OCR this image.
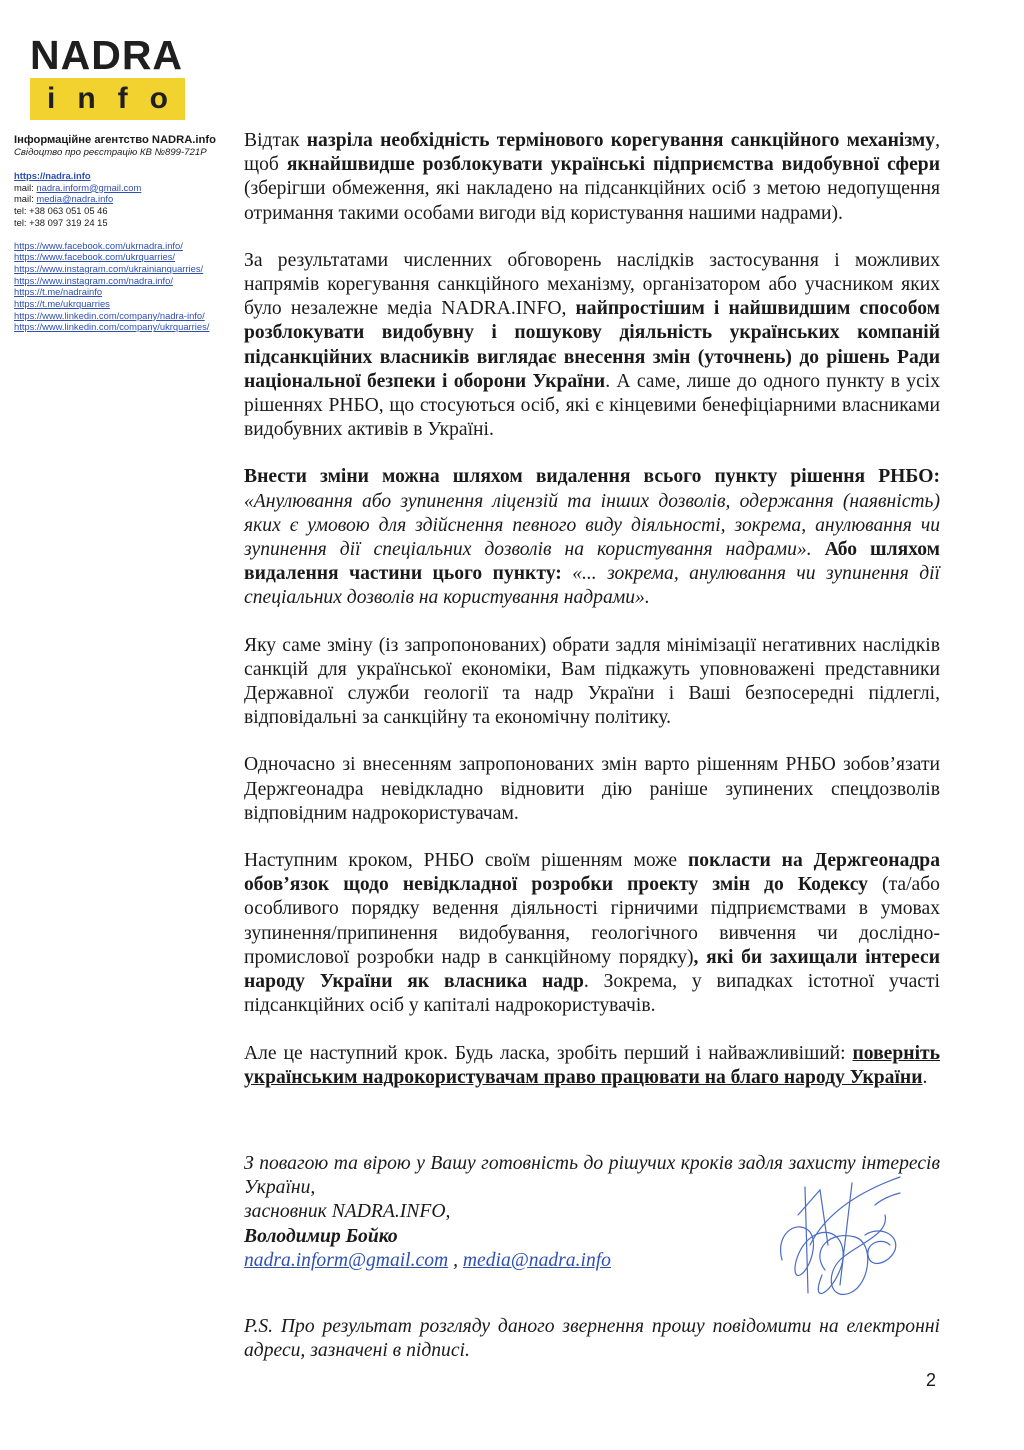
NADRA
i n f o
Інформаційне агентство NADRA.info
Свідоцтво про реєстрацію КВ №899-721Р
https://nadra.info
mail: nadra.inform@gmail.com
mail: media@nadra.info
tel: +38 063 051 05 46
tel: +38 097 319 24 15
https://www.facebook.com/ukrnadra.info/
https://www.facebook.com/ukrquarries/
https://www.instagram.com/ukrainianquarries/
https://www.instagram.com/nadra.info/
https://t.me/nadrainfo
https://t.me/ukrquarries
https://www.linkedin.com/company/nadra-info/
https://www.linkedin.com/company/ukrquarries/

Відтак назріла необхідність термінового корегування санкційного механізму, щоб якнайшвидше розблокувати українські підприємства видобувної сфери (зберігши обмеження, які накладено на підсанкційних осіб з метою недопущення отримання такими особами вигоди від користування нашими надрами).

За результатами численних обговорень наслідків застосування і можливих напрямів корегування санкційного механізму, організатором або учасником яких було незалежне медіа NADRA.INFO, найпростішим і найшвидшим способом розблокувати видобувну і пошукову діяльність українських компаній підсанкційних власників виглядає внесення змін (уточнень) до рішень Ради національної безпеки і оборони України. А саме, лише до одного пункту в усіх рішеннях РНБО, що стосуються осіб, які є кінцевими бенефіціарними власниками видобувних активів в Україні.

Внести зміни можна шляхом видалення всього пункту рішення РНБО: «Анулювання або зупинення ліцензій та інших дозволів, одержання (наявність) яких є умовою для здійснення певного виду діяльності, зокрема, анулювання чи зупинення дії спеціальних дозволів на користування надрами». Або шляхом видалення частини цього пункту: «... зокрема, анулювання чи зупинення дії спеціальних дозволів на користування надрами».

Яку саме зміну (із запропонованих) обрати задля мінімізації негативних наслідків санкцій для української економіки, Вам підкажуть уповноважені представники Державної служби геології та надр України і Ваші безпосередні підлеглі, відповідальні за санкційну та економічну політику.

Одночасно зі внесенням запропонованих змін варто рішенням РНБО зобов’язати Держгеонадра невідкладно відновити дію раніше зупинених спецдозволів відповідним надрокористувачам.

Наступним кроком, РНБО своїм рішенням може покласти на Держгеонадра обов’язок щодо невідкладної розробки проекту змін до Кодексу (та/або особливого порядку ведення діяльності гірничими підприємствами в умовах зупинення/припинення видобування, геологічного вивчення чи дослідно-промислової розробки надр в санкційному порядку), які би захищали інтереси народу України як власника надр. Зокрема, у випадках істотної участі підсанкційних осіб у капіталі надрокористувачів.

Але це наступний крок. Будь ласка, зробіть перший і найважливіший: поверніть українським надрокористувачам право працювати на благо народу України.

З повагою та вірою у Вашу готовність до рішучих кроків задля захисту інтересів України,

засновник NADRA.INFO,

Володимир Бойко

nadra.inform@gmail.com , media@nadra.info

P.S. Про результат розгляду даного звернення прошу повідомити на електронні адреси, зазначені в підписі.

2
